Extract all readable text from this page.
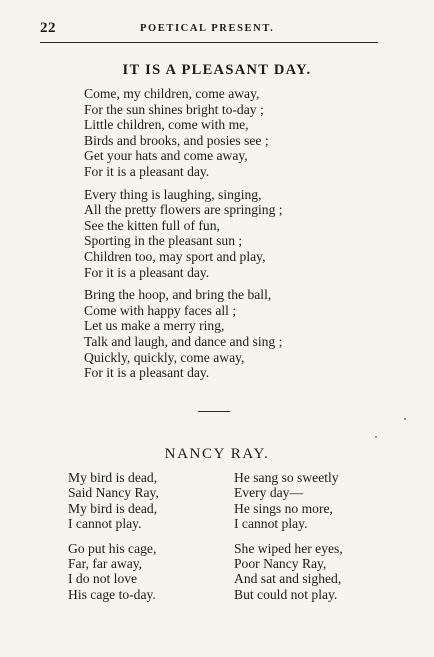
22	POETICAL PRESENT.
IT IS A PLEASANT DAY.
Come, my children, come away,
For the sun shines bright to-day ;
Little children, come with me,
Birds and brooks, and posies see ;
Get your hats and come away,
For it is a pleasant day.
Every thing is laughing, singing,
All the pretty flowers are springing ;
See the kitten full of fun,
Sporting in the pleasant sun ;
Children too, may sport and play,
For it is a pleasant day.
Bring the hoop, and bring the ball,
Come with happy faces all ;
Let us make a merry ring,
Talk and laugh, and dance and sing ;
Quickly, quickly, come away,
For it is a pleasant day.
NANCY RAY.
My bird is dead,
Said Nancy Ray,
My bird is dead,
I cannot play.
Go put his cage,
Far, far away,
I do not love
His cage to-day.
He sang so sweetly
Every day—
He sings no more,
I cannot play.
She wiped her eyes,
Poor Nancy Ray,
And sat and sighed,
But could not play.
